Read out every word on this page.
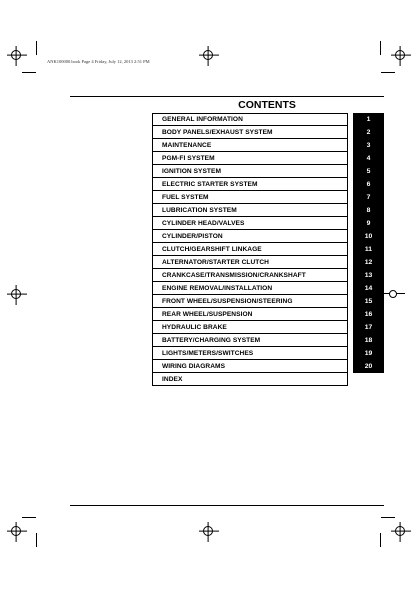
ANK100000.book Page 4 Friday, July 12, 2013 2:51 PM
CONTENTS
GENERAL INFORMATION	1
BODY PANELS/EXHAUST SYSTEM	2
MAINTENANCE	3
PGM-FI SYSTEM	4
IGNITION SYSTEM	5
ELECTRIC STARTER SYSTEM	6
FUEL SYSTEM	7
LUBRICATION SYSTEM	8
CYLINDER HEAD/VALVES	9
CYLINDER/PISTON	10
CLUTCH/GEARSHIFT LINKAGE	11
ALTERNATOR/STARTER CLUTCH	12
CRANKCASE/TRANSMISSION/CRANKSHAFT	13
ENGINE REMOVAL/INSTALLATION	14
FRONT WHEEL/SUSPENSION/STEERING	15
REAR WHEEL/SUSPENSION	16
HYDRAULIC BRAKE	17
BATTERY/CHARGING SYSTEM	18
LIGHTS/METERS/SWITCHES	19
WIRING DIAGRAMS	20
INDEX
